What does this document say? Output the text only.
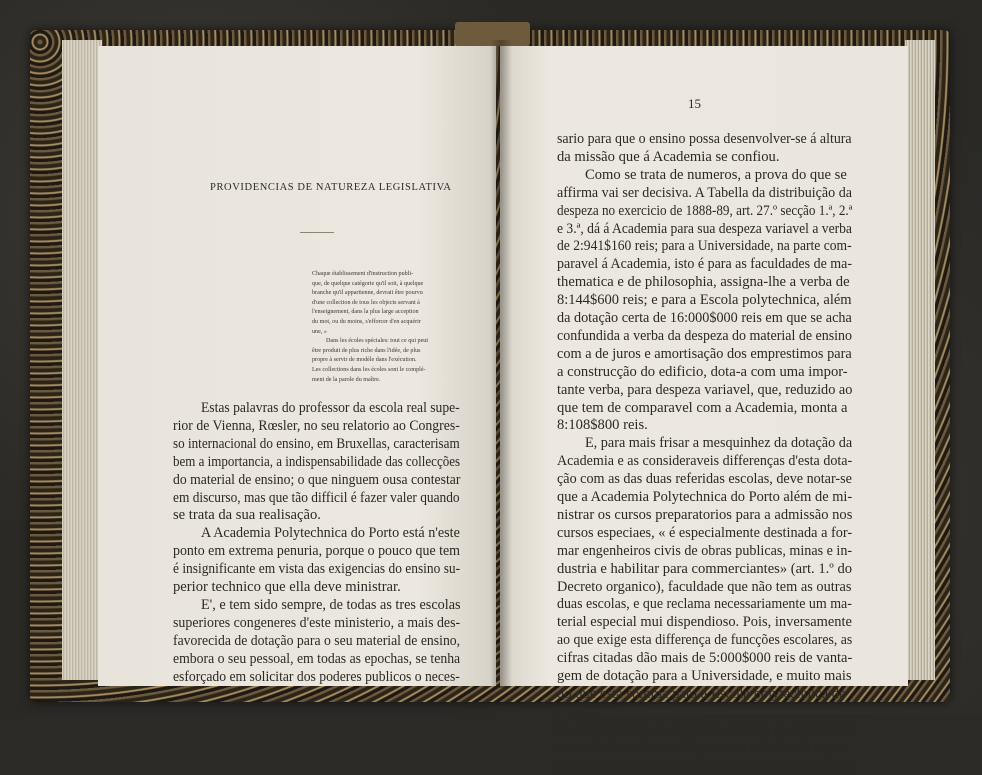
PROVIDENCIAS DE NATUREZA LEGISLATIVA
Chaque établissement d'instruction publi-
que, de quelque catégorie qu'il soit, à quelque
branche qu'il appartienne, devrait être pourvu
d'une collection de tous les objects servant à
l'enseignement, dans la plus large acception
du mot, ou du moins, s'efforcer d'en acquérir
une, »
Dans les écoles spéciales: tout ce qui peut
être produit de plus riche dans l'idée, de plus
propre à servir de modèle dans l'exécution.
Les collections dans les écoles sont le complé-
ment de la parole du maître.
Estas palavras do professor da escola real supe-
rior de Vienna, Rœsler, no seu relatorio ao Congres-
so internacional do ensino, em Bruxellas, caracterisam
bem a importancia, a indispensabilidade das collecções
do material de ensino; o que ninguem ousa contestar
em discurso, mas que tão difficil é fazer valer quando
se trata da sua realisação.
A Academia Polytechnica do Porto está n'este
ponto em extrema penuria, porque o pouco que tem
é insignificante em vista das exigencias do ensino su-
perior technico que ella deve ministrar.
E', e tem sido sempre, de todas as tres escolas
superiores congeneres d'este ministerio, a mais des-
favorecida de dotação para o seu material de ensino,
embora o seu pessoal, em todas as epochas, se tenha
esforçado em solicitar dos poderes publicos o neces-
15
sario para que o ensino possa desenvolver-se á altura
da missão que á Academia se confiou.
Como se trata de numeros, a prova do que se
affirma vai ser decisiva. A Tabella da distribuição da
despeza no exercicio de 1888-89, art. 27.º secção 1.ª, 2.ª
e 3.ª, dá á Academia para sua despeza variavel a verba
de 2:941$160 reis; para a Universidade, na parte com-
paravel á Academia, isto é para as faculdades de ma-
thematica e de philosophia, assigna-lhe a verba de
8:144$600 reis; e para a Escola polytechnica, além
da dotação certa de 16:000$000 reis em que se acha
confundida a verba da despeza do material de ensino
com a de juros e amortisação dos emprestimos para
a construcção do edificio, dota-a com uma impor-
tante verba, para despeza variavel, que, reduzido ao
que tem de comparavel com a Academia, monta a
8:108$800 reis.
E, para mais frisar a mesquinhez da dotação da
Academia e as consideraveis differenças d'esta dota-
ção com as das duas referidas escolas, deve notar-se
que a Academia Polytechnica do Porto além de mi-
nistrar os cursos preparatorios para a admissão nos
cursos especiaes, « é especialmente destinada a for-
mar engenheiros civis de obras publicas, minas e in-
dustria e habilitar para commerciantes» (art. 1.º do
Decreto organico), faculdade que não tem as outras
duas escolas, e que reclama necessariamente um ma-
terial especial mui dispendioso. Pois, inversamente
ao que exige esta differença de funcções escolares, as
cifras citadas dão mais de 5:000$000 reis de vanta-
gem de dotação para a Universidade, e muito mais
do que esta somma para a Escola polytechnica de
Lisboa!
Se isoladamente se considera a verba de 2:941$160
reis dada á Academia Polytechnica e destinada a «pre-
mios a estudantes, despezas do expediente, compra
